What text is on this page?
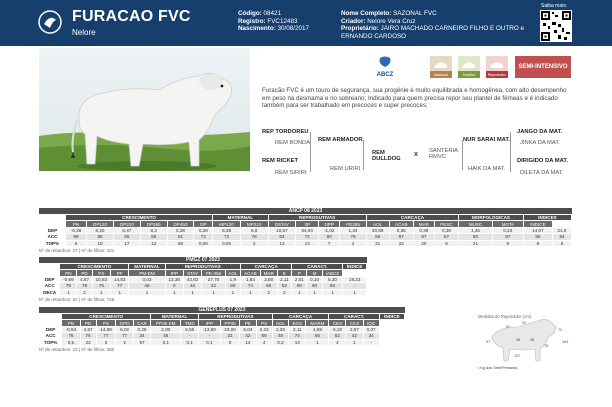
FURACAO FVC
Nelore
Código: 08421
Registro: FVC12483
Nascimento: 30/08/2017
Nome Completo: SAZONAL FVC
Criador: Nelore Vera Cruz
Proprietário: JAIRO MACHADO CARNEIRO FILHO E OUTRO e ERNANDO CARDOSO
Saiba mais:
ABCZ	Maternal	Novilha	Reprodutivo
SEMI-INTENSIVO
Furacão FVC é um touro de segurança, sua progênie é muito equilibrada e homogênea, com alto desempenho em peso na desmama e no sobreano; Indicado para quem precisa repor seu plantel de fêmeas e é indicado também para ser trabalhado em precoces e super precoces;
REP TORDOREU
REM BONDA REM ARMADOR
REM RICKET
REM SIRIRI
REM URIRI
REM DULLDOG
X
SANTERIA RMVC
NUR SARAI MAT.
JANGO DA MAT.
JINKA DA MAT.
HAIK DA MAT.
DIRIGIDO DA MAT.
DILETA DA MAT.
ANCP 08 2023
	CRESCIMENTO						MATERNAL		REPRODUTIVAS				CARCAÇA				MORFOLÓGICAS		ÍNDICES	
	PN	DP120	DP210	DP365	DP450	DP	MP120	MP210	DSTAY	3P	DPP	PE365	AOL	ACAB	MAR	PESC	MUSC	MGTe	INDICE	
DEP	-0,39	6,20	6,47	8,3	0,38	0,28	8,38	8,8	10,67	64,94	-1,02	1,34	30,88	0,36	0,39	0,38	1,45	0,24	14,07	21,9
ACC	69	85	85	69	61	72	72	78	63	72	80	79	66	67	87	87	80	87	85	84
TOP%	6	19	17	13	66	0,06	0,05	3	13	13	7	4	21	22	20	8	21	9	8	5
Nº de rebanhos: 27 | Nº de filhos: 421
PMGZ 07 2023
	CRESCIMENTO				MATERNAL	REPRODUTIVAS				CARCAÇA			CARACT.			ÍNDICE
	PN	PD	PS	PF	PM-EM	IPP	STAY	PE-365	AOL	ACAB	MAR	E	P	M	iABCZ	
DEP	-0,69	4,67	10,83	14,83	0,03	13,38	42,92	27,70	1,9	1,84	2,80	2,11	2,01	0,10	5,30	19,22
ACC	78	78	75	77	46	0	42	22	68	74	56	52	60	60	60	-
DECA	1	2	1	1	1	1	1	1	1	1	2	2	1	1	1	1
Nº de rebanhos: 92 | Nº de filhos: 726
GENEPLUS 07 2023
	CRESCIMENTO					MATERNAL		REPRODUTIVAS				CARCAÇA			CARACT.			ÍNDICE
	PN	PD	PS	GPD	CAR	PP30 EM	TMD	IPP	PP30	PE	PS	AOL	EGS	MARM	CES	CCS	IQG	
DEP	-0,94	4,67	14,68	6,02	0,26	2,00	6,56	-13,60	23,00	6,04	2,23	2,38	2,11	4,59	6,18	2,07	0,07	
ACC	76	76	77	77	34	46	-	-	22	42	66	48	74	66	52	42	34	
TOP%	0,5	22	0	2	57	0,1	0,1	0,1	0	14	4	0,2	14	1	4	1	-	
Nº de rebanhos: 23 | Nº de filhos: 380
Medidas do Reprodutor (cm)
57
92
72
57	36	38
157
78
164
• Kg aos Sete/Primaras
